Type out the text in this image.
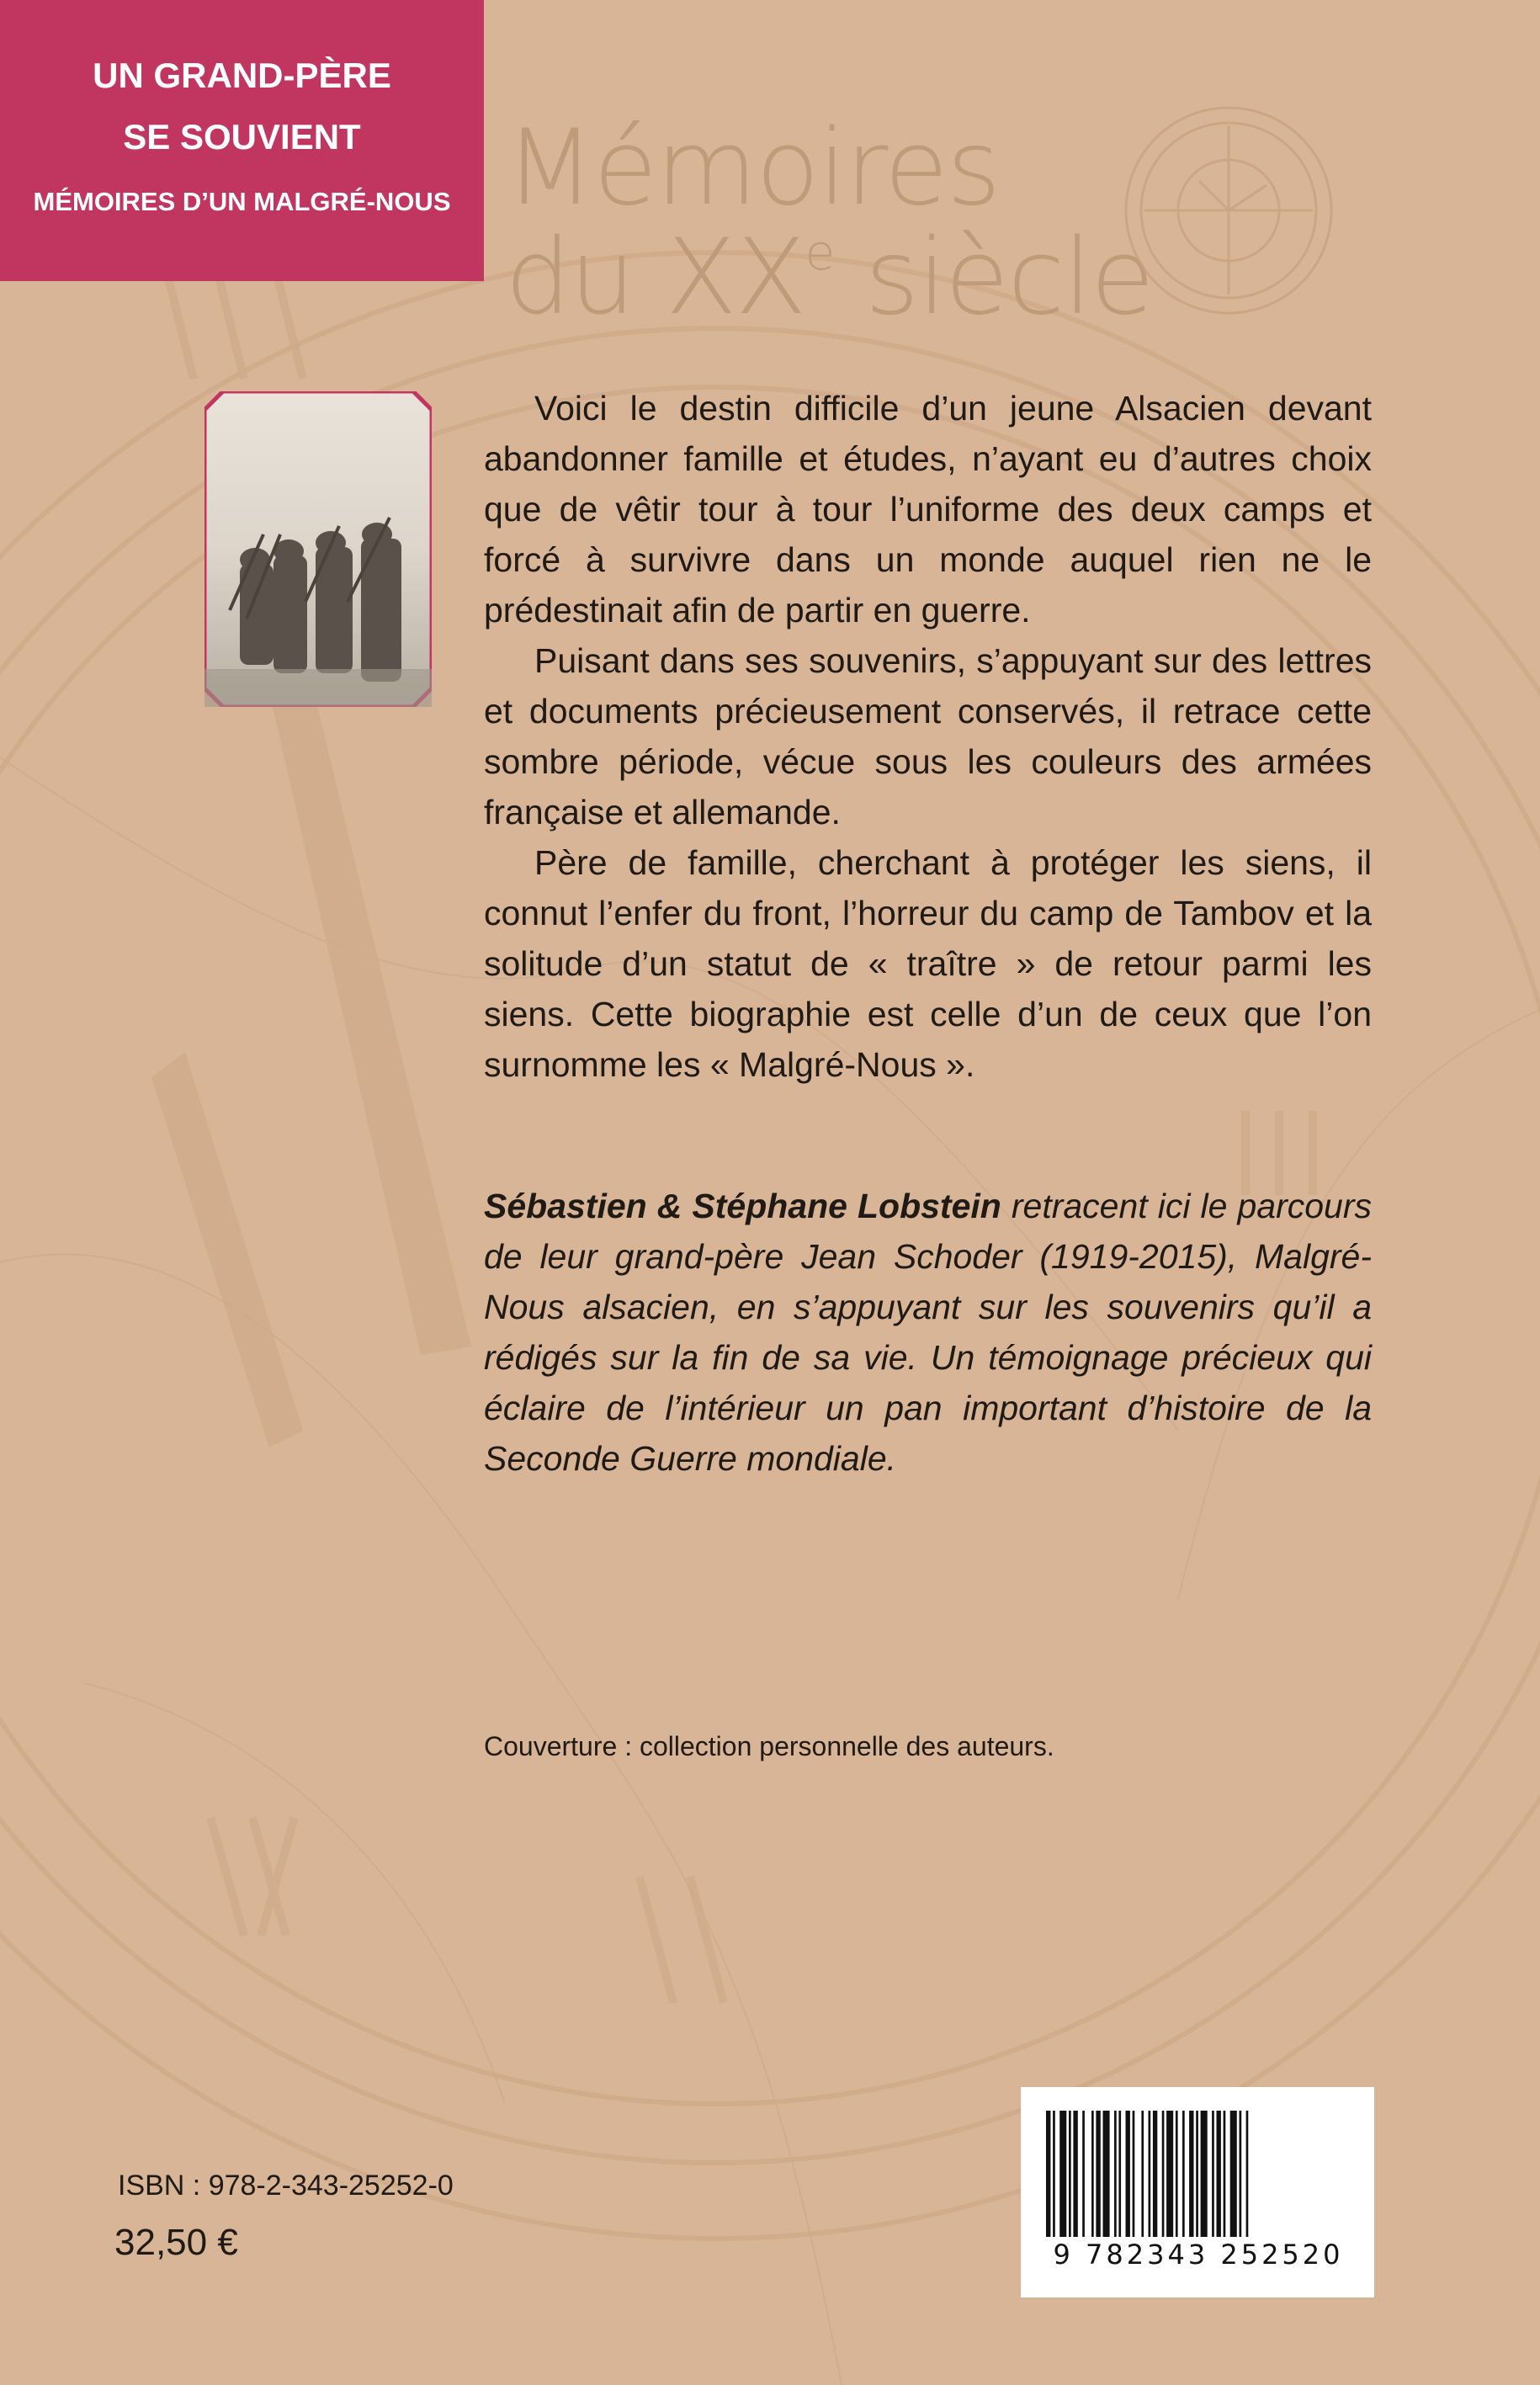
UN GRAND-PÈRE
SE SOUVIENT
MÉMOIRES D’UN MALGRÉ-NOUS Mémoires
du XXe siècle

Voici le destin difficile d’un jeune Alsacien devant abandonner famille et études, n’ayant eu d’autres choix que de vêtir tour à tour l’uniforme des deux camps et forcé à survivre dans un monde auquel rien ne le prédestinait afin de partir en guerre.

Puisant dans ses souvenirs, s’appuyant sur des lettres et documents précieusement conservés, il retrace cette sombre période, vécue sous les couleurs des armées française et allemande.

Père de famille, cherchant à protéger les siens, il connut l’enfer du front, l’horreur du camp de Tambov et la solitude d’un statut de « traître » de retour parmi les siens. Cette biographie est celle d’un de ceux que l’on surnomme les « Malgré-Nous ».

Sébastien & Stéphane Lobstein retracent ici le parcours de leur grand-père Jean Schoder (1919-2015), Malgré-Nous alsacien, en s’appuyant sur les souvenirs qu’il a rédigés sur la fin de sa vie. Un témoignage précieux qui éclaire de l’intérieur un pan important d’histoire de la Seconde Guerre mondiale.
Couverture : collection personnelle des auteurs.
ISBN : 978-2-343-25252-0
32,50 €	9 782343 252520
